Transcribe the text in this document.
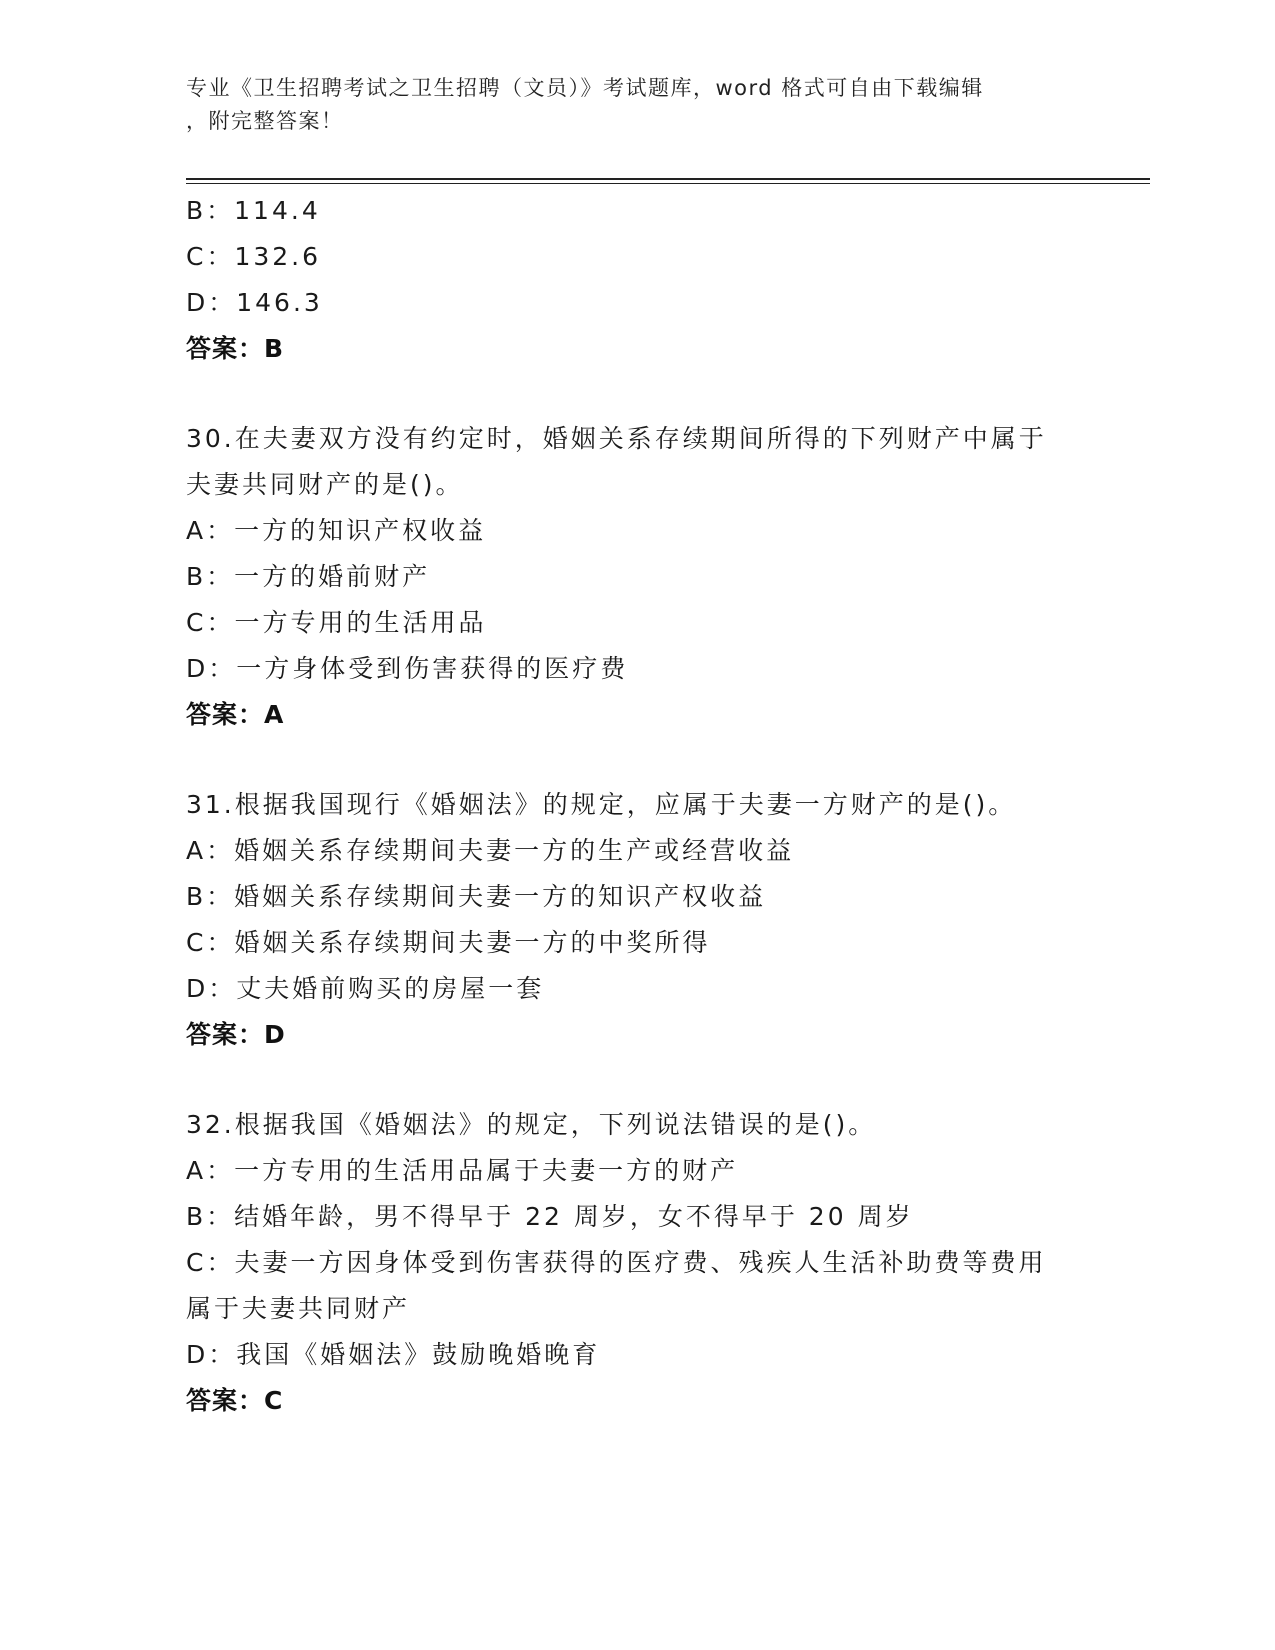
专业《卫生招聘考试之卫生招聘（文员）》考试题库，word 格式可自由下载编辑
，附完整答案！
B：114.4
C：132.6
D：146.3
答案：B
30.在夫妻双方没有约定时，婚姻关系存续期间所得的下列财产中属于
夫妻共同财产的是()。
A：一方的知识产权收益
B：一方的婚前财产
C：一方专用的生活用品
D：一方身体受到伤害获得的医疗费
答案：A
31.根据我国现行《婚姻法》的规定，应属于夫妻一方财产的是()。
A：婚姻关系存续期间夫妻一方的生产或经营收益
B：婚姻关系存续期间夫妻一方的知识产权收益
C：婚姻关系存续期间夫妻一方的中奖所得
D：丈夫婚前购买的房屋一套
答案：D
32.根据我国《婚姻法》的规定，下列说法错误的是()。
A：一方专用的生活用品属于夫妻一方的财产
B：结婚年龄，男不得早于 22 周岁，女不得早于 20 周岁
C：夫妻一方因身体受到伤害获得的医疗费、残疾人生活补助费等费用
属于夫妻共同财产
D：我国《婚姻法》鼓励晚婚晚育
答案：C
